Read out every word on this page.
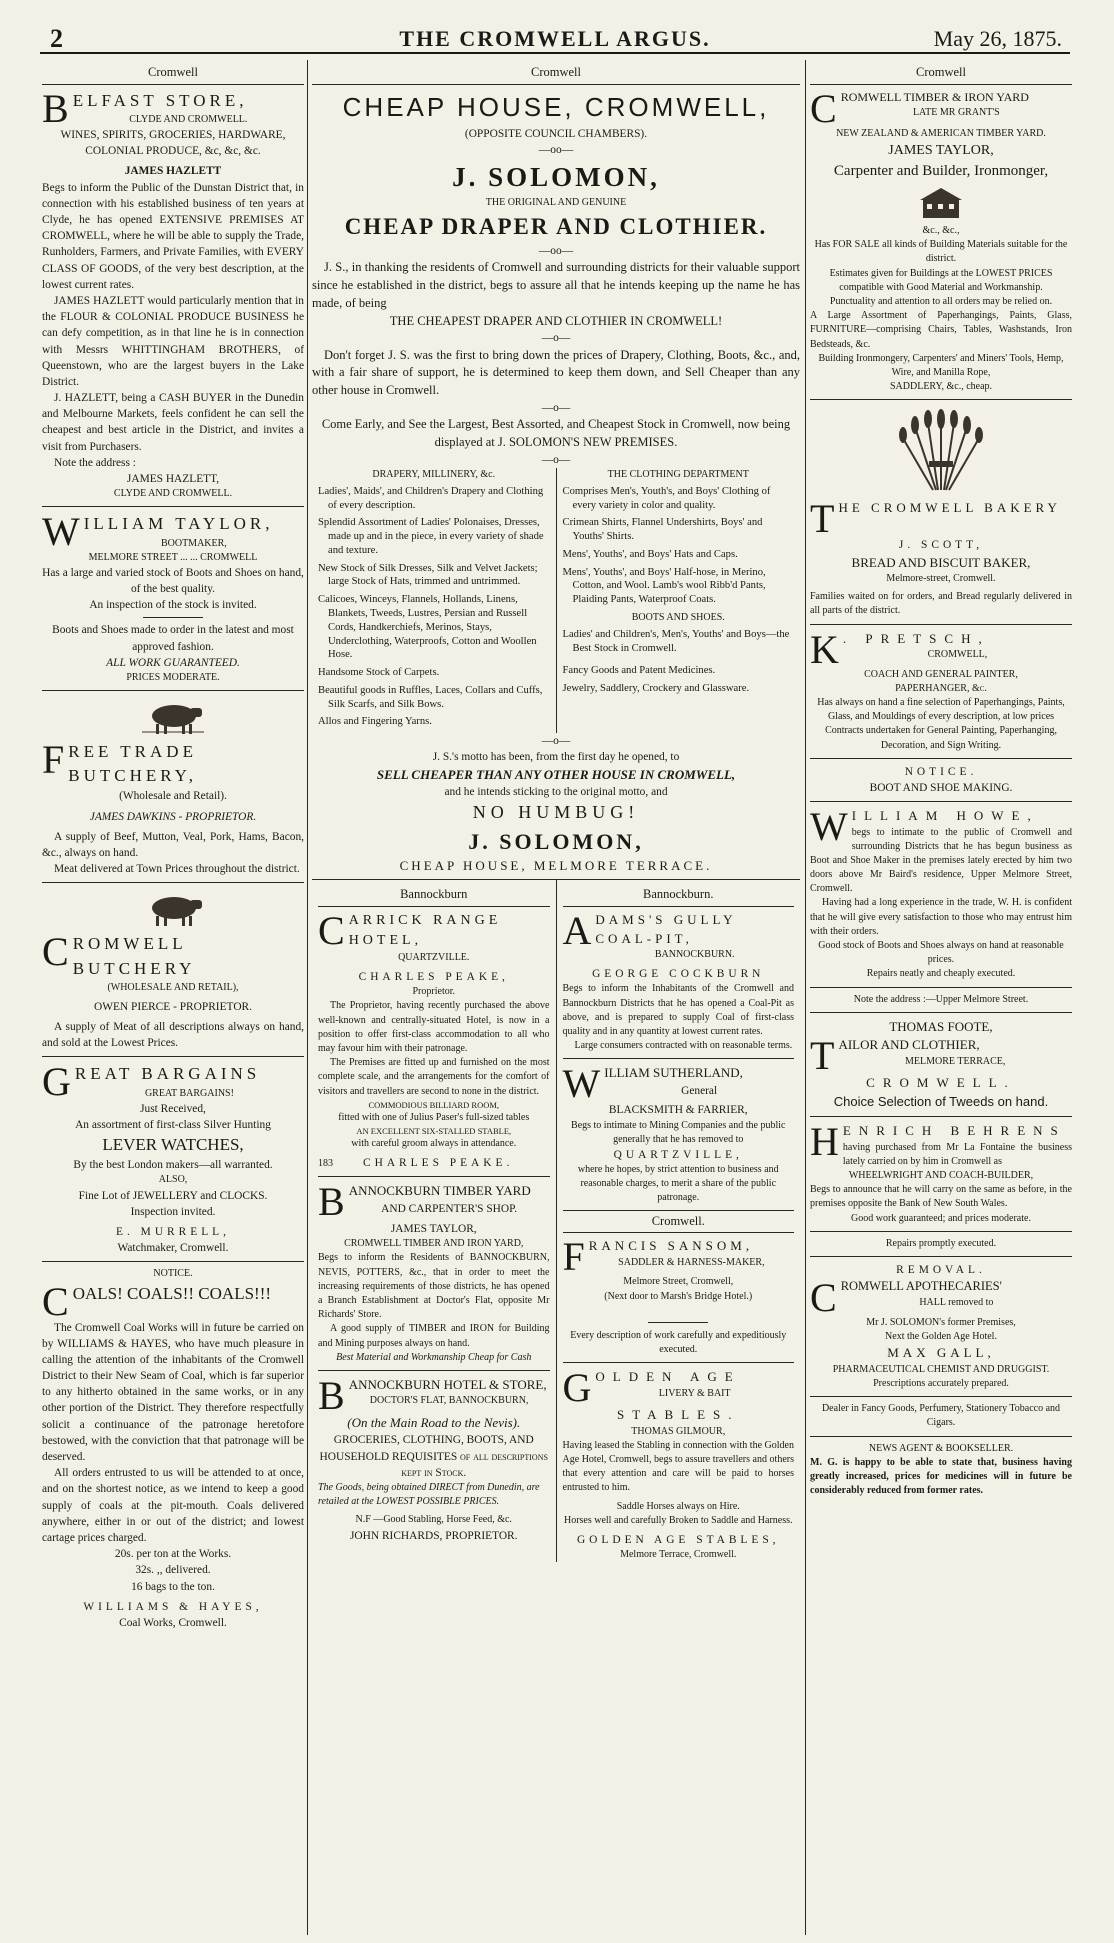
2	THE CROMWELL ARGUS.	May 26, 1875.
Cromwell
BELFAST STORE,
CLYDE AND CROMWELL.
WINES, SPIRITS, GROCERIES, HARDWARE, COLONIAL PRODUCE, &c, &c, &c.
JAMES HAZLETT

Begs to inform the Public of the Dunstan District that, in connection with his established business of ten years at Clyde, he has opened EXTENSIVE PREMISES AT CROMWELL, where he will be able to supply the Trade, Runholders, Farmers, and Private Families, with EVERY CLASS OF GOODS, of the very best description, at the lowest current rates.

JAMES HAZLETT would particularly mention that in the FLOUR & COLONIAL PRODUCE BUSINESS he can defy competition, as in that line he is in connection with Messrs WHITTINGHAM BROTHERS, of Queenstown, who are the largest buyers in the Lake District.

J. HAZLETT, being a CASH BUYER in the Dunedin and Melbourne Markets, feels confident he can sell the cheapest and best article in the District, and invites a visit from Purchasers.

Note the address :

JAMES HAZLETT,
CLYDE AND CROMWELL.
WILLIAM TAYLOR,
BOOTMAKER,
MELMORE STREET ... ... CROMWELL

Has a large and varied stock of Boots and Shoes on hand, of the best quality.

An inspection of the stock is invited.

Boots and Shoes made to order in the latest and most approved fashion.

ALL WORK GUARANTEED.

PRICES MODERATE.

FREE TRADE BUTCHERY,
(Wholesale and Retail).
JAMES DAWKINS - PROPRIETOR.

A supply of Beef, Mutton, Veal, Pork, Hams, Bacon, &c., always on hand.

Meat delivered at Town Prices throughout the district.

CROMWELL BUTCHERY
(WHOLESALE AND RETAIL),
OWEN PIERCE - PROPRIETOR.

A supply of Meat of all descriptions always on hand, and sold at the Lowest Prices.

GREAT BARGAINS
GREAT BARGAINS!

Just Received,

An assortment of first-class Silver Hunting

LEVER WATCHES,

By the best London makers—all warranted.

ALSO,

Fine Lot of JEWELLERY and CLOCKS.

Inspection invited.

E. MURRELL,
Watchmaker, Cromwell.
NOTICE.
COALS! COALS!! COALS!!!

The Cromwell Coal Works will in future be carried on by WILLIAMS & HAYES, who have much pleasure in calling the attention of the inhabitants of the Cromwell District to their New Seam of Coal, which is far superior to any hitherto obtained in the same works, or in any other portion of the District. They therefore respectfully solicit a continuance of the patronage heretofore bestowed, with the conviction that that patronage will be deserved.

All orders entrusted to us will be attended to at once, and on the shortest notice, as we intend to keep a good supply of coals at the pit-mouth. Coals delivered anywhere, either in or out of the district; and lowest cartage prices charged.

20s. per ton at the Works.

32s. ,, delivered.

16 bags to the ton.

WILLIAMS & HAYES,
Coal Works, Cromwell.
Cromwell
CHEAP HOUSE, CROMWELL,
(OPPOSITE COUNCIL CHAMBERS).
—oo—
J. SOLOMON,
THE ORIGINAL AND GENUINE
CHEAP DRAPER AND CLOTHIER.
—oo—

J. S., in thanking the residents of Cromwell and surrounding districts for their valuable support since he established in the district, begs to assure all that he intends keeping up the name he has made, of being

THE CHEAPEST DRAPER AND CLOTHIER IN CROMWELL!

—o—

Don't forget J. S. was the first to bring down the prices of Drapery, Clothing, Boots, &c., and, with a fair share of support, he is determined to keep them down, and Sell Cheaper than any other house in Cromwell.

—o—

Come Early, and See the Largest, Best Assorted, and Cheapest Stock in Cromwell, now being displayed at J. SOLOMON'S NEW PREMISES.

—o—
DRAPERY, MILLINERY, &c.
Ladies', Maids', and Children's Drapery and Clothing of every description.
Splendid Assortment of Ladies' Polonaises, Dresses, made up and in the piece, in every variety of shade and texture.
New Stock of Silk Dresses, Silk and Velvet Jackets; large Stock of Hats, trimmed and untrimmed.
Calicoes, Winceys, Flannels, Hollands, Linens, Blankets, Tweeds, Lustres, Persian and Russell Cords, Handkerchiefs, Merinos, Stays, Underclothing, Waterproofs, Cotton and Woollen Hose.
Handsome Stock of Carpets.
Beautiful goods in Ruffles, Laces, Collars and Cuffs, Silk Scarfs, and Silk Bows.
Allos and Fingering Yarns.
THE CLOTHING DEPARTMENT
Comprises Men's, Youth's, and Boys' Clothing of every variety in color and quality.
Crimean Shirts, Flannel Undershirts, Boys' and Youths' Shirts.
Mens', Youths', and Boys' Hats and Caps.
Mens', Youths', and Boys' Half-hose, in Merino, Cotton, and Wool. Lamb's wool Ribb'd Pants, Plaiding Pants, Waterproof Coats.
BOOTS AND SHOES.
Ladies' and Children's, Men's, Youths' and Boys—the Best Stock in Cromwell.
Fancy Goods and Patent Medicines.
Jewelry, Saddlery, Crockery and Glassware.
—o—

J. S.'s motto has been, from the first day he opened, to

SELL CHEAPER THAN ANY OTHER HOUSE IN CROMWELL,

and he intends sticking to the original motto, and

NO HUMBUG!

J. SOLOMON,
CHEAP HOUSE, MELMORE TERRACE.
Bannockburn
CARRICK RANGE HOTEL,
QUARTZVILLE.
CHARLES PEAKE,
Proprietor.

The Proprietor, having recently purchased the above well-known and centrally-situated Hotel, is now in a position to offer first-class accommodation to all who may favour him with their patronage.

The Premises are fitted up and furnished on the most complete scale, and the arrangements for the comfort of visitors and travellers are second to none in the district.

COMMODIOUS BILLIARD ROOM,

fitted with one of Julius Paser's full-sized tables

AN EXCELLENT SIX-STALLED STABLE,

with careful groom always in attendance.

183	CHARLES PEAKE.
BANNOCKBURN TIMBER YARD
AND CARPENTER'S SHOP.
JAMES TAYLOR,
CROMWELL TIMBER AND IRON YARD,

Begs to inform the Residents of BANNOCKBURN, NEVIS, POTTERS, &c., that in order to meet the increasing requirements of those districts, he has opened a Branch Establishment at Doctor's Flat, opposite Mr Richards' Store.

A good supply of TIMBER and IRON for Building and Mining purposes always on hand.

Best Material and Workmanship Cheap for Cash

BANNOCKBURN HOTEL & STORE,
DOCTOR'S FLAT, BANNOCKBURN,
(On the Main Road to the Nevis).

GROCERIES, CLOTHING, BOOTS, AND HOUSEHOLD REQUISITES of all descriptions kept in Stock.

The Goods, being obtained DIRECT from Dunedin, are retailed at the LOWEST POSSIBLE PRICES.

N.F —Good Stabling, Horse Feed, &c.

JOHN RICHARDS, PROPRIETOR.
Bannockburn.
ADAMS'S GULLY COAL-PIT,
BANNOCKBURN.
GEORGE COCKBURN

Begs to inform the Inhabitants of the Cromwell and Bannockburn Districts that he has opened a Coal-Pit as above, and is prepared to supply Coal of first-class quality and in any quantity at lowest current rates.

Large consumers contracted with on reasonable terms.

WILLIAM SUTHERLAND,
General
BLACKSMITH & FARRIER,

Begs to intimate to Mining Companies and the public generally that he has removed to

QUARTZVILLE,

where he hopes, by strict attention to business and reasonable charges, to merit a share of the public patronage.

Cromwell.
FRANCIS SANSOM,
SADDLER & HARNESS-MAKER,
Melmore Street, Cromwell,
(Next door to Marsh's Bridge Hotel.)

Every description of work carefully and expeditiously executed.

GOLDEN AGE
LIVERY & BAIT
STABLES.
THOMAS GILMOUR,

Having leased the Stabling in connection with the Golden Age Hotel, Cromwell, begs to assure travellers and others that every attention and care will be paid to horses entrusted to him.

Saddle Horses always on Hire.

Horses well and carefully Broken to Saddle and Harness.

GOLDEN AGE STABLES,
Melmore Terrace, Cromwell.
Cromwell
CROMWELL TIMBER & IRON YARD
LATE MR GRANT'S
NEW ZEALAND & AMERICAN TIMBER YARD.
JAMES TAYLOR,
Carpenter and Builder, Ironmonger,
&c., &c.,

Has FOR SALE all kinds of Building Materials suitable for the district.

Estimates given for Buildings at the LOWEST PRICES compatible with Good Material and Workmanship.

Punctuality and attention to all orders may be relied on.

A Large Assortment of Paperhangings, Paints, Glass, FURNITURE—comprising Chairs, Tables, Washstands, Iron Bedsteads, &c.

Building Ironmongery, Carpenters' and Miners' Tools, Hemp, Wire, and Manilla Rope,

SADDLERY, &c., cheap.

THE CROMWELL BAKERY
J. SCOTT,
BREAD AND BISCUIT BAKER,
Melmore-street, Cromwell.

Families waited on for orders, and Bread regularly delivered in all parts of the district.

K . PRETSCH,
CROMWELL,
COACH AND GENERAL PAINTER,
PAPERHANGER, &c.

Has always on hand a fine selection of Paperhangings, Paints, Glass, and Mouldings of every description, at low prices

Contracts undertaken for General Painting, Paperhanging, Decoration, and Sign Writing.

NOTICE.
BOOT AND SHOE MAKING.
WILLIAM HOWE,

begs to intimate to the public of Cromwell and surrounding Districts that he has begun business as Boot and Shoe Maker in the premises lately erected by him two doors above Mr Baird's residence, Upper Melmore Street, Cromwell.

Having had a long experience in the trade, W. H. is confident that he will give every satisfaction to those who may entrust him with their orders.

Good stock of Boots and Shoes always on hand at reasonable prices.

Repairs neatly and cheaply executed.

Note the address :—Upper Melmore Street.

THOMAS FOOTE,
TAILOR AND CLOTHIER,
MELMORE TERRACE,
CROMWELL.
Choice Selection of Tweeds on hand.
HENRICH BEHRENS

having purchased from Mr La Fontaine the business lately carried on by him in Cromwell as

WHEELWRIGHT AND COACH-BUILDER,

Begs to announce that he will carry on the same as before, in the premises opposite the Bank of New South Wales.

Good work guaranteed; and prices moderate.

Repairs promptly executed.

REMOVAL.
CROMWELL APOTHECARIES'
HALL removed to
Mr J. SOLOMON's former Premises,
Next the Golden Age Hotel.
MAX GALL,
PHARMACEUTICAL CHEMIST AND DRUGGIST.
Prescriptions accurately prepared.

Dealer in Fancy Goods, Perfumery, Stationery Tobacco and Cigars.

NEWS AGENT & BOOKSELLER.

M. G. is happy to be able to state that, business having greatly increased, prices for medicines will in future be considerably reduced from former rates.
